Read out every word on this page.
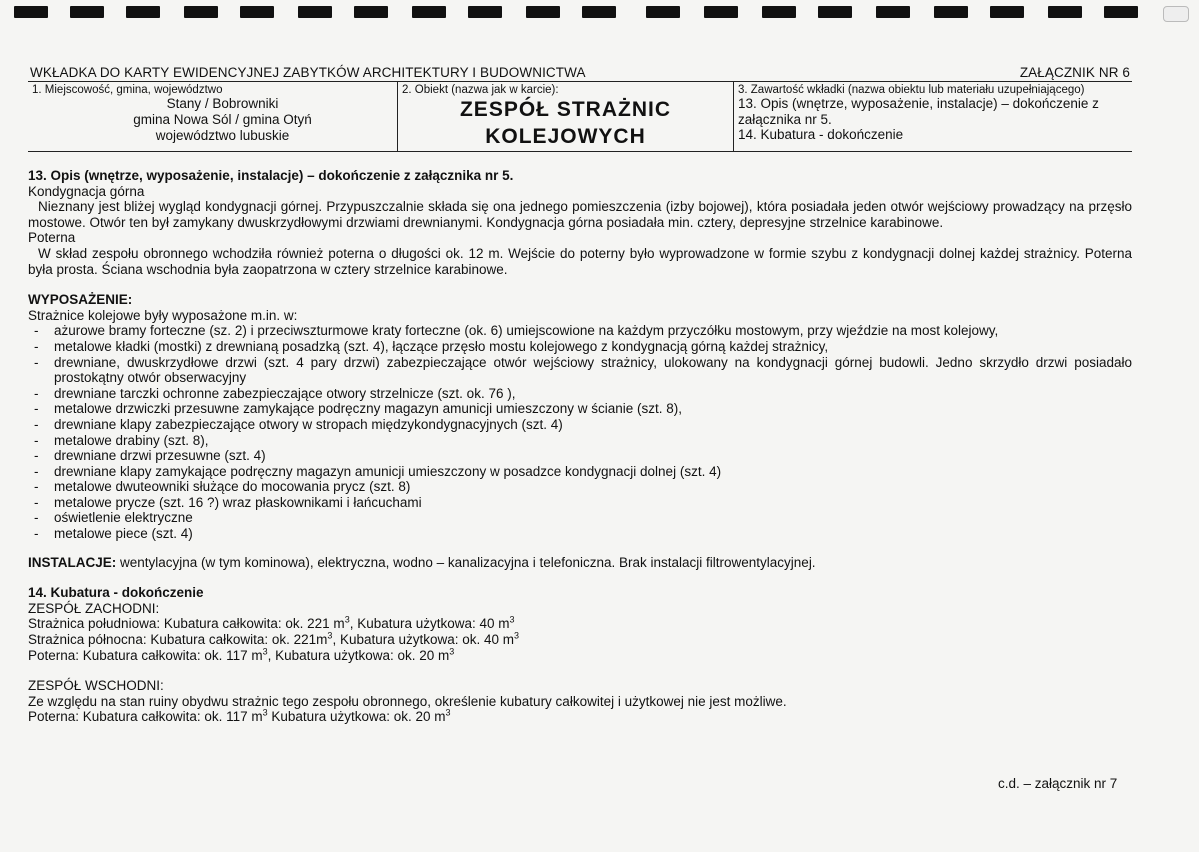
WKŁADKA DO KARTY EWIDENCYJNEJ ZABYTKÓW ARCHITEKTURY I BUDOWNICTWA	ZAŁĄCZNIK NR 6
1. Miejscowość, gmina, województwo
Stany / Bobrowniki
gmina Nowa Sól / gmina Otyń
województwo lubuskie
2. Obiekt (nazwa jak w karcie):
ZESPÓŁ STRAŻNIC
KOLEJOWYCH
3. Zawartość wkładki (nazwa obiektu lub materiału uzupełniającego)
13. Opis (wnętrze, wyposażenie, instalacje) – dokończenie z
załącznika nr 5.
14. Kubatura - dokończenie

13. Opis (wnętrze, wyposażenie, instalacje) – dokończenie z załącznika nr 5.

Kondygnacja górna

Nieznany jest bliżej wygląd kondygnacji górnej. Przypuszczalnie składa się ona jednego pomieszczenia (izby bojowej), która posiadała jeden otwór wejściowy prowadzący na przęsło mostowe. Otwór ten był zamykany dwuskrzydłowymi drzwiami drewnianymi. Kondygnacja górna posiadała min. cztery, depresyjne strzelnice karabinowe.

Poterna

W skład zespołu obronnego wchodziła również poterna o długości ok. 12 m. Wejście do poterny było wyprowadzone w formie szybu z kondygnacji dolnej każdej strażnicy. Poterna była prosta. Ściana wschodnia była zaopatrzona w cztery strzelnice karabinowe.

WYPOSAŻENIE:

Strażnice kolejowe były wyposażone m.in. w:

- ażurowe bramy forteczne (sz. 2) i przeciwszturmowe kraty forteczne (ok. 6) umiejscowione na każdym przyczółku mostowym, przy wjeździe na most kolejowy,
- metalowe kładki (mostki) z drewnianą posadzką (szt. 4), łączące przęsło mostu kolejowego z kondygnacją górną każdej strażnicy,
- drewniane, dwuskrzydłowe drzwi (szt. 4 pary drzwi) zabezpieczające otwór wejściowy strażnicy, ulokowany na kondygnacji górnej budowli. Jedno skrzydło drzwi posiadało prostokątny otwór obserwacyjny
- drewniane tarczki ochronne zabezpieczające otwory strzelnicze (szt. ok. 76 ),
- metalowe drzwiczki przesuwne zamykające podręczny magazyn amunicji umieszczony w ścianie (szt. 8),
- drewniane klapy zabezpieczające otwory w stropach międzykondygnacyjnych (szt. 4)
- metalowe drabiny (szt. 8),
- drewniane drzwi przesuwne (szt. 4)
- drewniane klapy zamykające podręczny magazyn amunicji umieszczony w posadzce kondygnacji dolnej (szt. 4)
- metalowe dwuteowniki służące do mocowania prycz (szt. 8)
- metalowe prycze (szt. 16 ?) wraz płaskownikami i łańcuchami
- oświetlenie elektryczne
- metalowe piece (szt. 4)

INSTALACJE: wentylacyjna (w tym kominowa), elektryczna, wodno – kanalizacyjna i telefoniczna. Brak instalacji filtrowentylacyjnej.

14. Kubatura - dokończenie

ZESPÓŁ ZACHODNI:

Strażnica południowa: Kubatura całkowita: ok. 221 $m^3$, Kubatura użytkowa: 40 $m^3$

Strażnica północna: Kubatura całkowita: ok. $221m^3$, Kubatura użytkowa: ok. 40 $m^3$

Poterna: Kubatura całkowita: ok. 117 $m^3$, Kubatura użytkowa: ok. 20 $m^3$

ZESPÓŁ WSCHODNI:

Ze względu na stan ruiny obydwu strażnic tego zespołu obronnego, określenie kubatury całkowitej i użytkowej nie jest możliwe.

Poterna: Kubatura całkowita: ok. 117 $m^3$ Kubatura użytkowa: ok. 20 $m^3$

c.d. – załącznik nr 7
